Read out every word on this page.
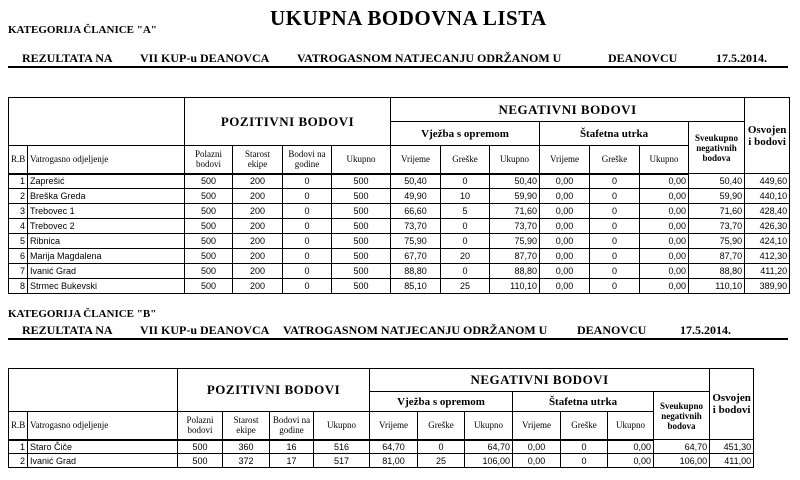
UKUPNA BODOVNA LISTA
KATEGORIJA ČLANICE "A"
REZULTATA NA VII KUP-u DEANOVCA VATROGASNOM NATJECANJU ODRŽANOM U	DEANOVCU	17.5.2014.
		POZITIVNI BODOVI				NEGATIVNI BODOVI							Osvojen i bodovi
						Vježba s opremom			Štafetna utrka			Sveukupno negativnih bodova	
R.B	Vatrogasno odjeljenje	Polazni bodovi	Starost ekipe	Bodovi na godine	Ukupno	Vrijeme	Greške	Ukupno	Vrijeme	Greške	Ukupno		
1	Zaprešić	500	200	0	500	50,40	0	50,40	0,00	0	0,00	50,40	449,60
2	Breška Greda	500	200	0	500	49,90	10	59,90	0,00	0	0,00	59,90	440,10
3	Trebovec 1	500	200	0	500	66,60	5	71,60	0,00	0	0,00	71,60	428,40
4	Trebovec 2	500	200	0	500	73,70	0	73,70	0,00	0	0,00	73,70	426,30
5	Ribnica	500	200	0	500	75,90	0	75,90	0,00	0	0,00	75,90	424,10
6	Marija Magdalena	500	200	0	500	67,70	20	87,70	0,00	0	0,00	87,70	412,30
7	Ivanić Grad	500	200	0	500	88,80	0	88,80	0,00	0	0,00	88,80	411,20
8	Strmec Bukevski	500	200	0	500	85,10	25	110,10	0,00	0	0,00	110,10	389,90
KATEGORIJA ČLANICE "B"
REZULTATA NA VII KUP-u DEANOVCA VATROGASNOM NATJECANJU ODRŽANOM U DEANOVCU	17.5.2014.
		POZITIVNI BODOVI				NEGATIVNI BODOVI							Osvojen i bodovi
						Vježba s opremom			Štafetna utrka			Sveukupno negativnih bodova	
R.B	Vatrogasno odjeljenje	Polazni bodovi	Starost ekipe	Bodovi na godine	Ukupno	Vrijeme	Greške	Ukupno	Vrijeme	Greške	Ukupno		
1	Staro Čiče	500	360	16	516	64,70	0	64,70	0,00	0	0,00	64,70	451,30
2	Ivanić Grad	500	372	17	517	81,00	25	106,00	0,00	0	0,00	106,00	411,00
